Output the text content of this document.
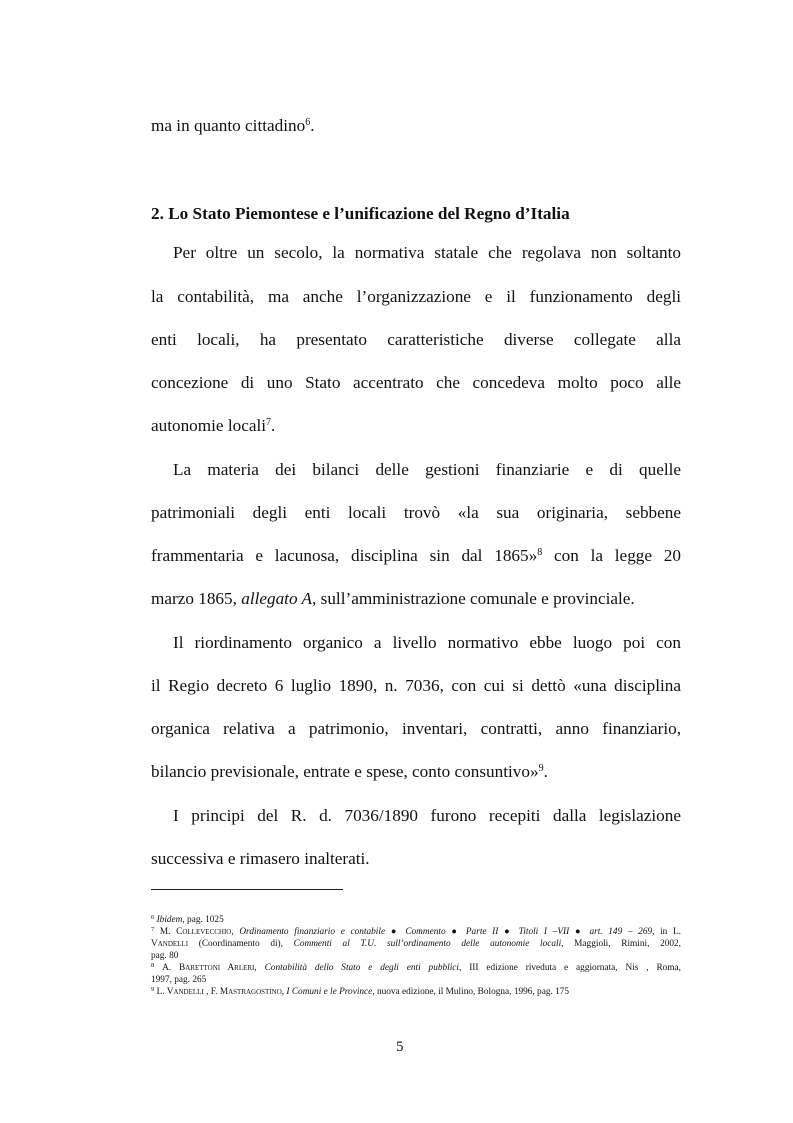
ma in quanto cittadino$^6$.
2. Lo Stato Piemontese e l’unificazione del Regno d’Italia
Per oltre un secolo, la normativa statale che regolava non soltanto
la contabilità, ma anche l’organizzazione e il funzionamento degli
enti locali, ha presentato caratteristiche diverse collegate alla
concezione di uno Stato accentrato che concedeva molto poco alle
autonomie locali$^7$.
La materia dei bilanci delle gestioni finanziarie e di quelle
patrimoniali degli enti locali trovò «la sua originaria, sebbene
frammentaria e lacunosa, disciplina sin dal 1865»$^8$ con la legge 20
marzo 1865, allegato A, sull’amministrazione comunale e provinciale.
Il riordinamento organico a livello normativo ebbe luogo poi con
il Regio decreto 6 luglio 1890, n. 7036, con cui si dettò «una disciplina
organica relativa a patrimonio, inventari, contratti, anno finanziario,
bilancio previsionale, entrate e spese, conto consuntivo»$^9$.
I principi del R. d. 7036/1890 furono recepiti dalla legislazione
successiva e rimasero inalterati.
$^6$ Ibidem, pag. 1025
$^7$ M. Collevecchio, Ordinamento finanziario e contabile ● Commento ● Parte II ● Titoli I –VII ● art. 149 – 269, in L.
Vandelli (Coordinamento di), Commenti al T.U. sull’ordinamento delle autonomie locali, Maggioli, Rimini, 2002,
pag. 80
$^8$ A. Barettoni Arleri, Contabilità dello Stato e degli enti pubblici, III edizione riveduta e aggiornata, Nis , Roma,
1997, pag. 265
$^9$ L. Vandelli , F. Mastragostino, I Comuni e le Province, nuova edizione, il Mulino, Bologna, 1996, pag. 175
5
